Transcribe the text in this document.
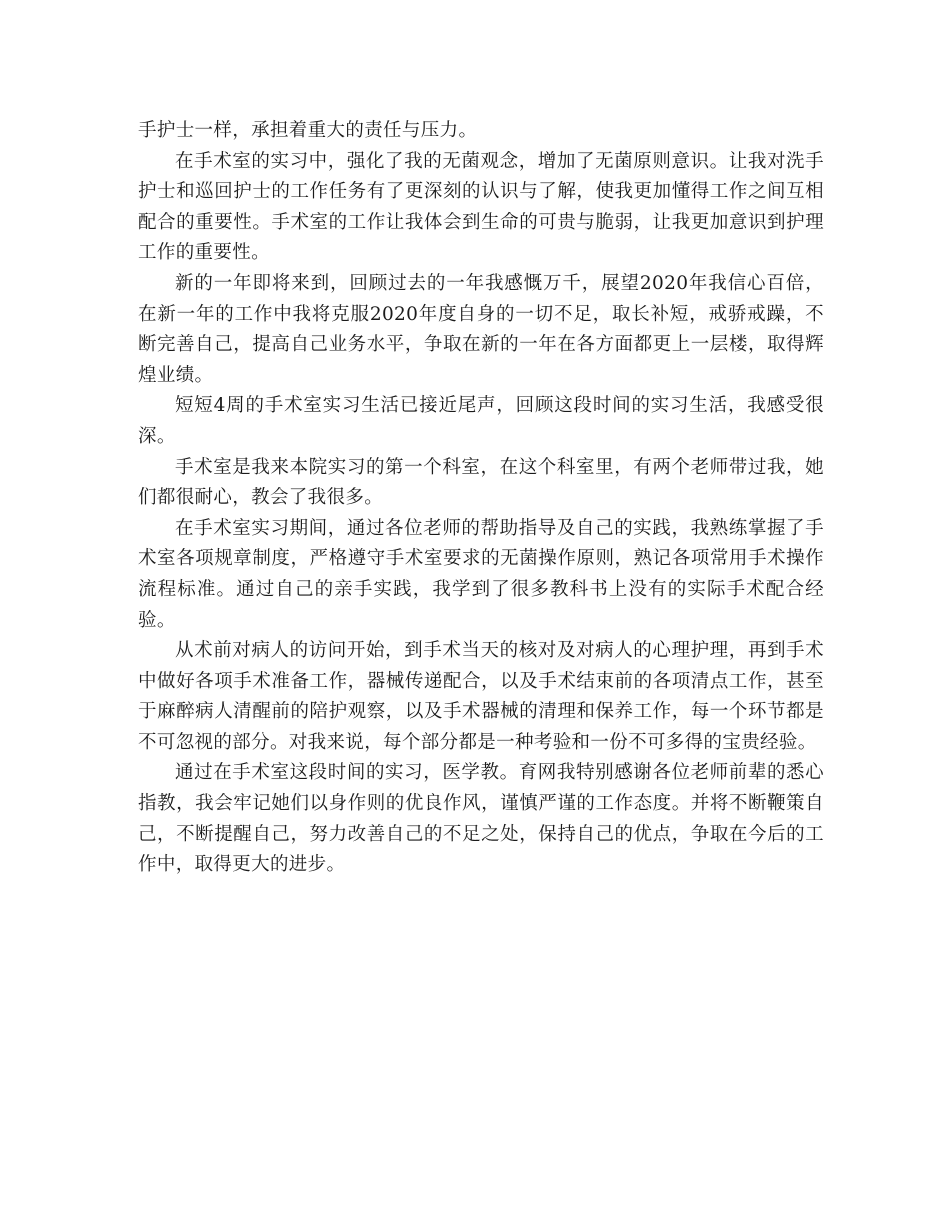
手护士一样，承担着重大的责任与压力。

在手术室的实习中，强化了我的无菌观念，增加了无菌原则意识。让我对洗手护士和巡回护士的工作任务有了更深刻的认识与了解，使我更加懂得工作之间互相配合的重要性。手术室的工作让我体会到生命的可贵与脆弱，让我更加意识到护理工作的重要性。

新的一年即将来到，回顾过去的一年我感慨万千，展望2020年我信心百倍，在新一年的工作中我将克服2020年度自身的一切不足，取长补短，戒骄戒躁，不断完善自己，提高自己业务水平，争取在新的一年在各方面都更上一层楼，取得辉煌业绩。

短短4周的手术室实习生活已接近尾声，回顾这段时间的实习生活，我感受很深。

手术室是我来本院实习的第一个科室，在这个科室里，有两个老师带过我，她们都很耐心，教会了我很多。

在手术室实习期间，通过各位老师的帮助指导及自己的实践，我熟练掌握了手术室各项规章制度，严格遵守手术室要求的无菌操作原则，熟记各项常用手术操作流程标准。通过自己的亲手实践，我学到了很多教科书上没有的实际手术配合经验。

从术前对病人的访问开始，到手术当天的核对及对病人的心理护理，再到手术中做好各项手术准备工作，器械传递配合，以及手术结束前的各项清点工作，甚至于麻醉病人清醒前的陪护观察，以及手术器械的清理和保养工作，每一个环节都是不可忽视的部分。对我来说，每个部分都是一种考验和一份不可多得的宝贵经验。

通过在手术室这段时间的实习，医学教。育网我特别感谢各位老师前辈的悉心指教，我会牢记她们以身作则的优良作风，谨慎严谨的工作态度。并将不断鞭策自己，不断提醒自己，努力改善自己的不足之处，保持自己的优点，争取在今后的工作中，取得更大的进步。
